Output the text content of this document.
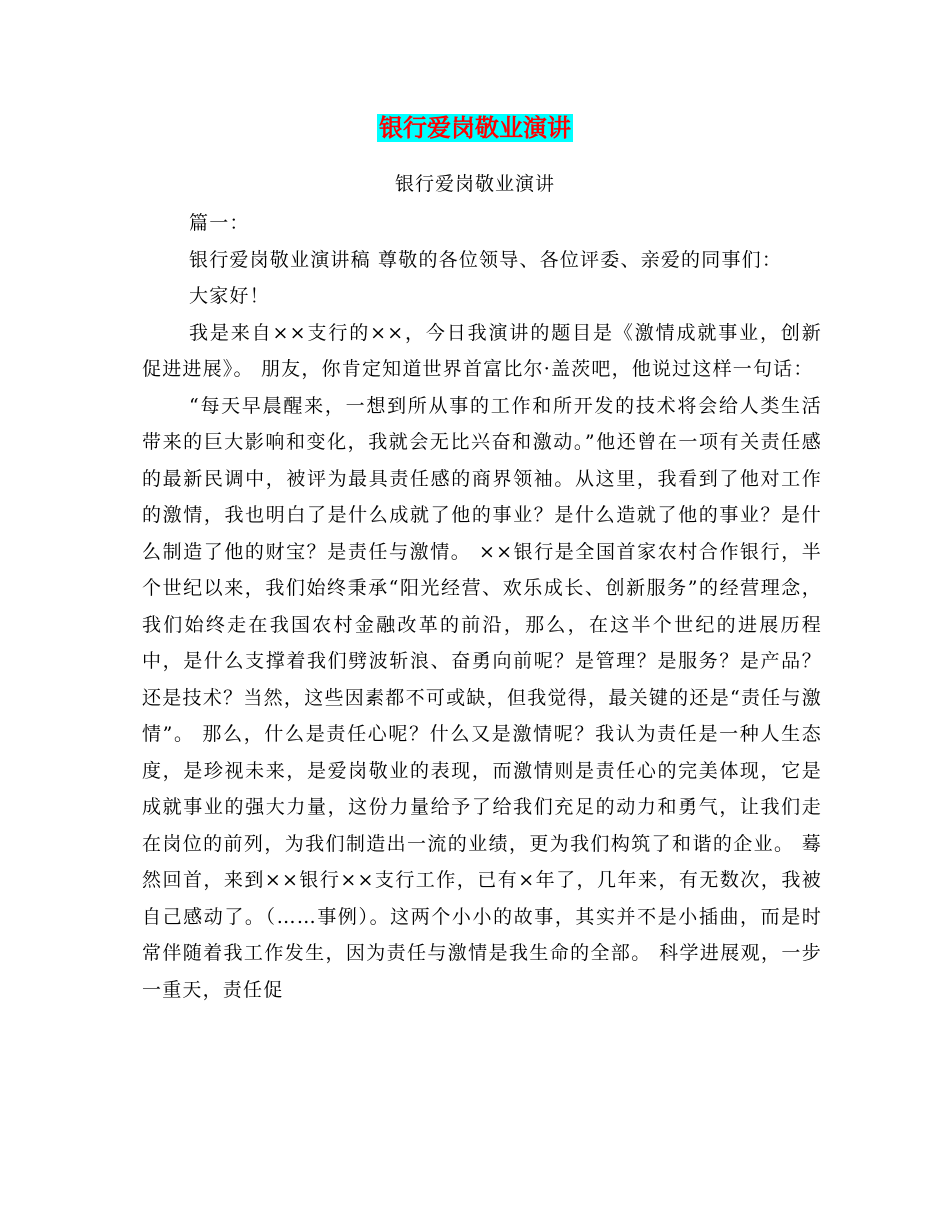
银行爱岗敬业演讲
银行爱岗敬业演讲

篇一：

银行爱岗敬业演讲稿 尊敬的各位领导、各位评委、亲爱的同事们：

大家好！

我是来自××支行的××，今日我演讲的题目是《激情成就事业，创新促进进展》。 朋友，你肯定知道世界首富比尔·盖茨吧，他说过这样一句话：

“每天早晨醒来，一想到所从事的工作和所开发的技术将会给人类生活带来的巨大影响和变化，我就会无比兴奋和激动。”他还曾在一项有关责任感的最新民调中，被评为最具责任感的商界领袖。从这里，我看到了他对工作的激情，我也明白了是什么成就了他的事业？是什么造就了他的事业？是什么制造了他的财宝？是责任与激情。 ××银行是全国首家农村合作银行，半个世纪以来，我们始终秉承“阳光经营、欢乐成长、创新服务”的经营理念，我们始终走在我国农村金融改革的前沿，那么，在这半个世纪的进展历程中，是什么支撑着我们劈波斩浪、奋勇向前呢？是管理？是服务？是产品？还是技术？当然，这些因素都不可或缺，但我觉得，最关键的还是“责任与激情”。 那么，什么是责任心呢？什么又是激情呢？我认为责任是一种人生态度，是珍视未来，是爱岗敬业的表现，而激情则是责任心的完美体现，它是成就事业的强大力量，这份力量给予了给我们充足的动力和勇气，让我们走在岗位的前列，为我们制造出一流的业绩，更为我们构筑了和谐的企业。 蓦然回首，来到××银行××支行工作，已有×年了，几年来，有无数次，我被自己感动了。（……事例）。这两个小小的故事，其实并不是小插曲，而是时常伴随着我工作发生，因为责任与激情是我生命的全部。 科学进展观，一步一重天，责任促
